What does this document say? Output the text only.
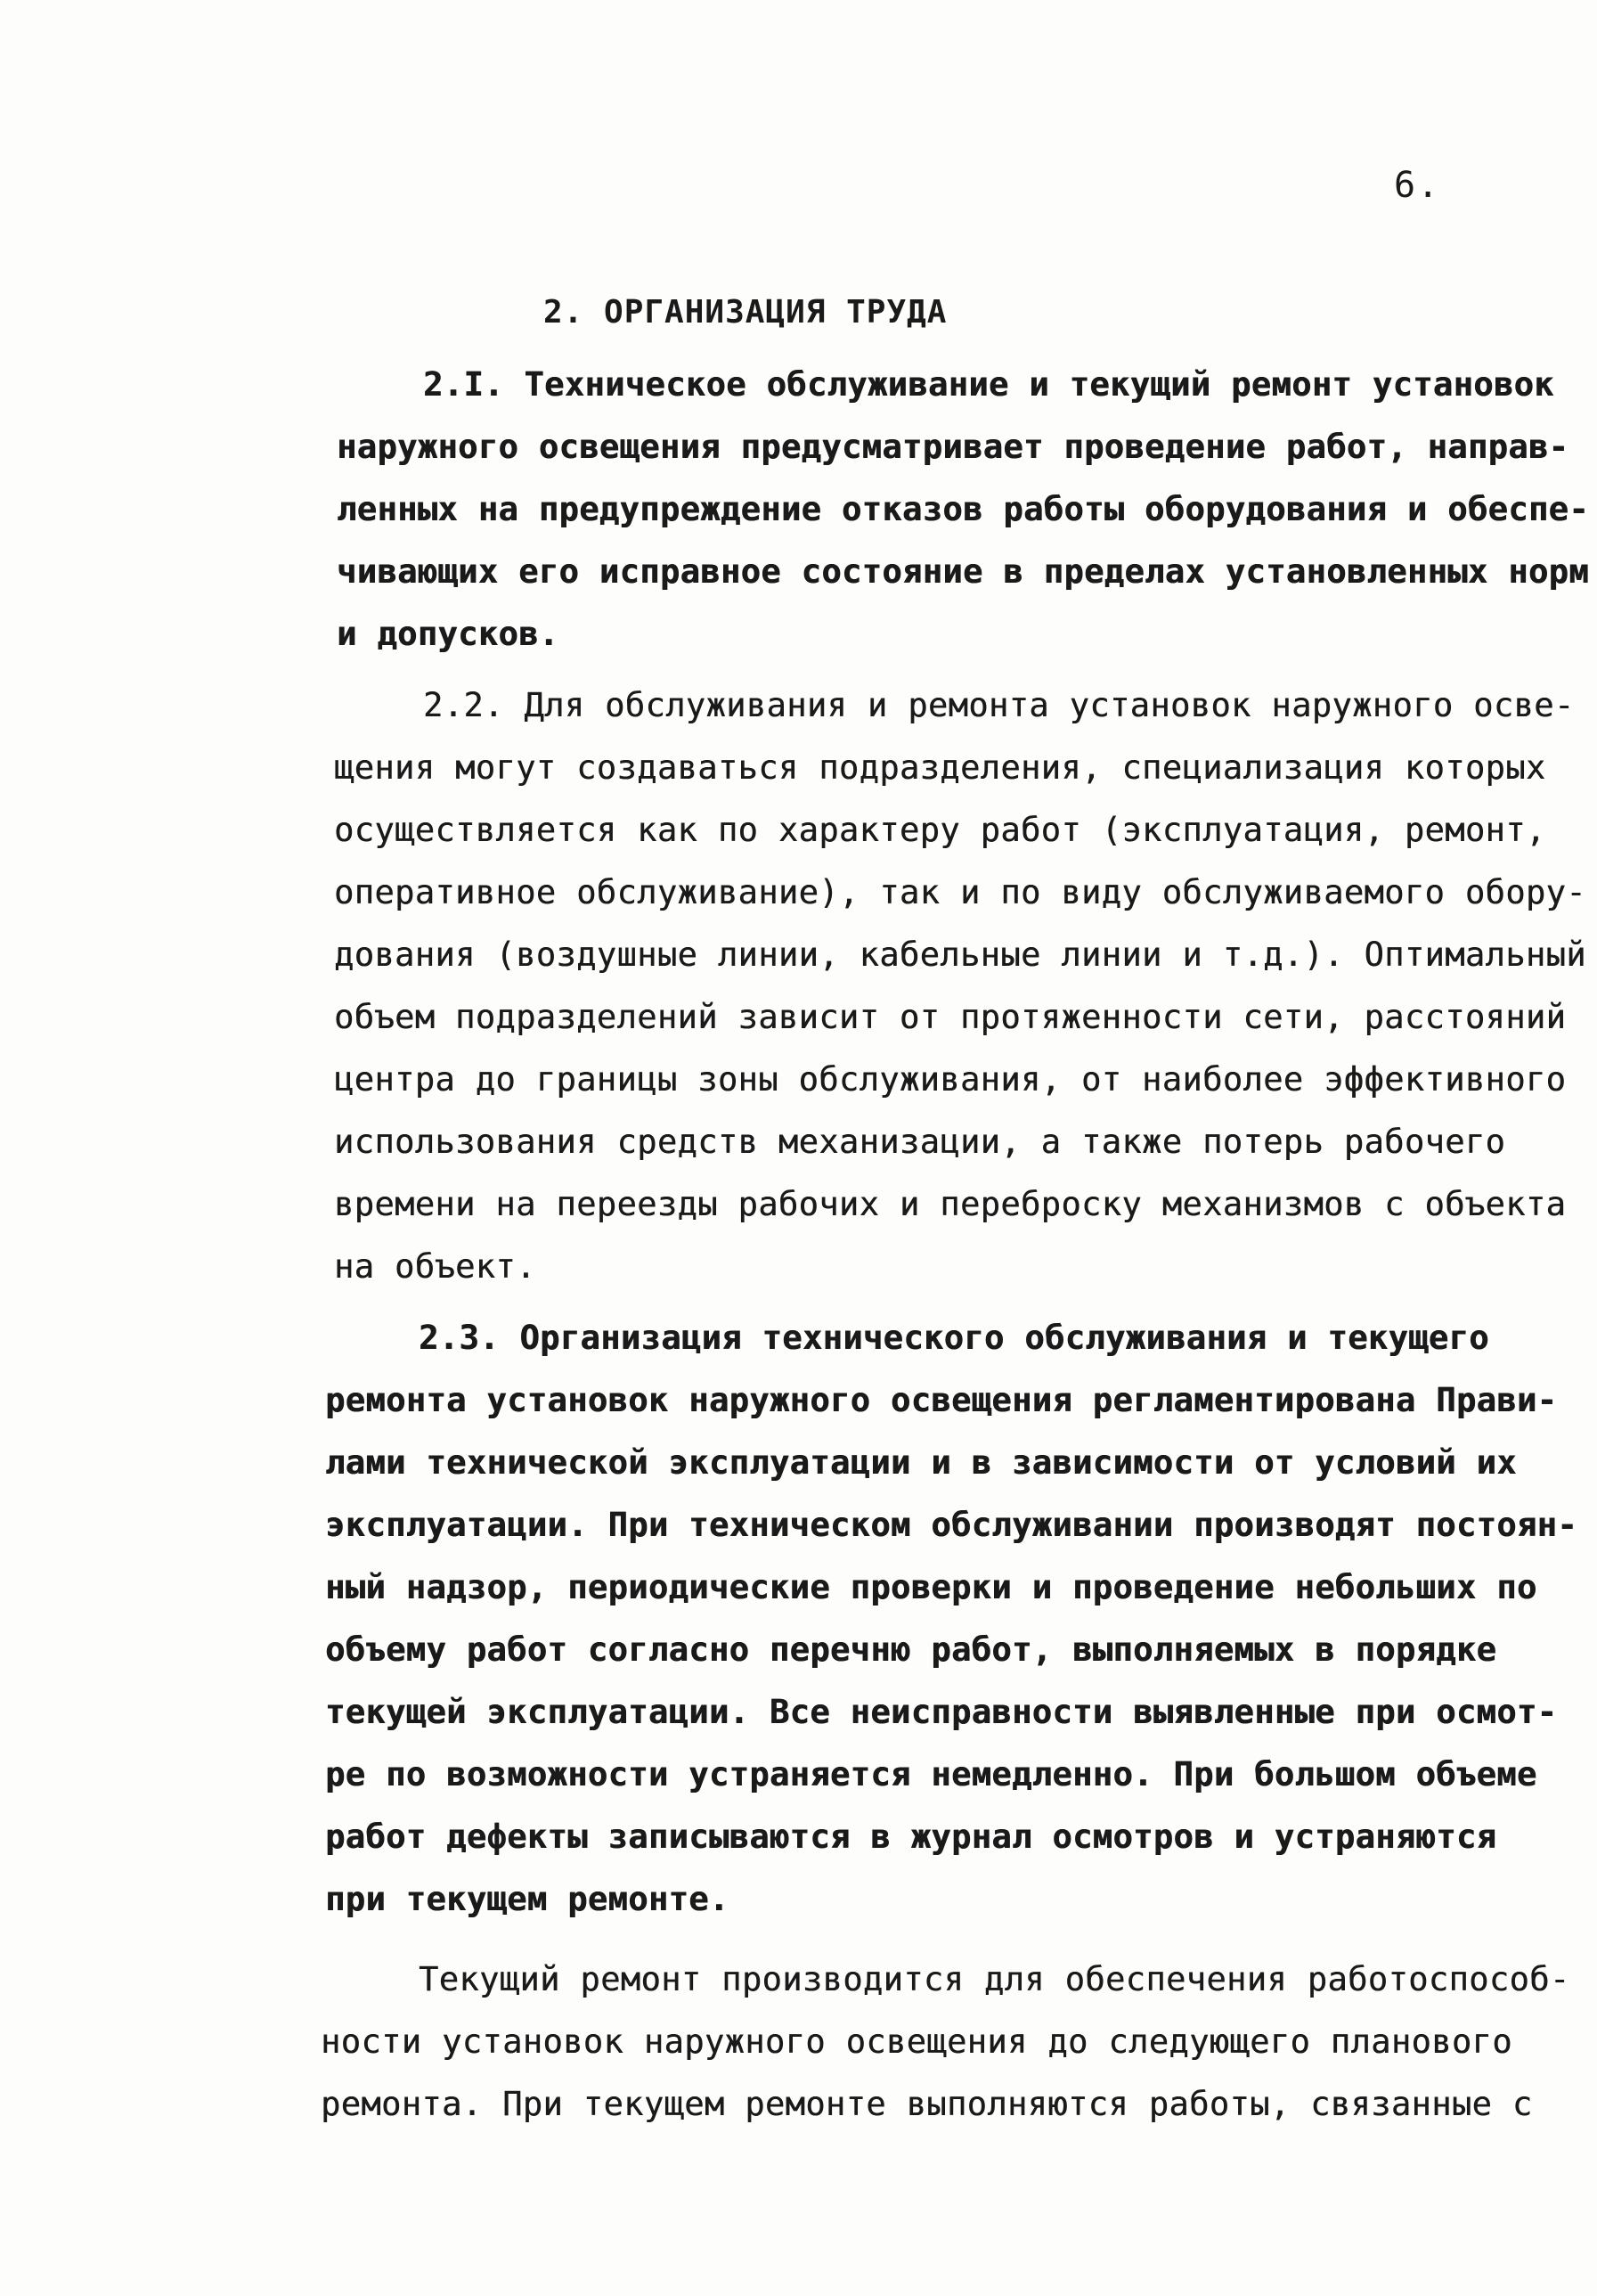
6.
2. ОРГАНИЗАЦИЯ ТРУДА
2.I. Техническое обслуживание и текущий ремонт установок
наружного освещения предусматривает проведение работ, направ-
ленных на предупреждение отказов работы оборудования и обеспе-
чивающих его исправное состояние в пределах установленных норм
и допусков.
2.2. Для обслуживания и ремонта установок наружного осве-
щения могут создаваться подразделения, специализация которых
осуществляется как по характеру работ (эксплуатация, ремонт,
оперативное обслуживание), так и по виду обслуживаемого обору-
дования (воздушные линии, кабельные линии и т.д.). Оптимальный
объем подразделений зависит от протяженности сети, расстояний
центра до границы зоны обслуживания, от наиболее эффективного
использования средств механизации, а также потерь рабочего
времени на переезды рабочих и переброску механизмов с объекта
на объект.
2.3. Организация технического обслуживания и текущего
ремонта установок наружного освещения регламентирована Прави-
лами технической эксплуатации и в зависимости от условий их
эксплуатации. При техническом обслуживании производят постоян-
ный надзор, периодические проверки и проведение небольших по
объему работ согласно перечню работ, выполняемых в порядке
текущей эксплуатации. Все неисправности выявленные при осмот-
ре по возможности устраняется немедленно. При большом объеме
работ дефекты записываются в журнал осмотров и устраняются
при текущем ремонте.
Текущий ремонт производится для обеспечения работоспособ-
ности установок наружного освещения до следующего планового
ремонта. При текущем ремонте выполняются работы, связанные с
